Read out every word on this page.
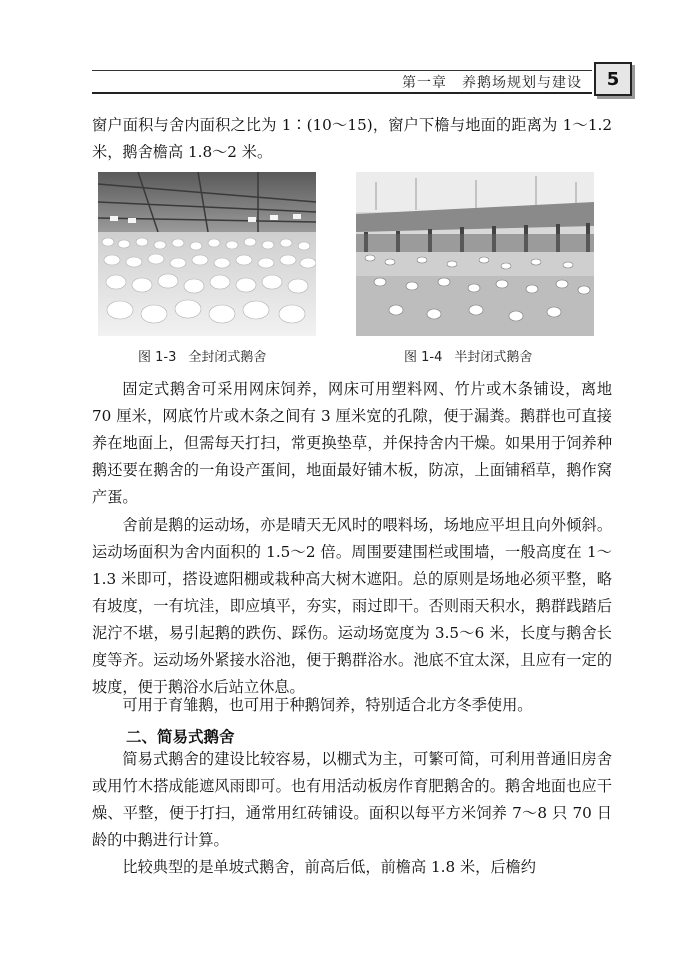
第一章　养鹅场规划与建设	5

窗户面积与舍内面积之比为 1∶(10～15)，窗户下檐与地面的距离为 1～1.2 米，鹅舍檐高 1.8～2 米。

图 1-3 全封闭式鹅舍	图 1-4 半封闭式鹅舍

固定式鹅舍可采用网床饲养，网床可用塑料网、竹片或木条铺设，离地 70 厘米，网底竹片或木条之间有 3 厘米宽的孔隙，便于漏粪。鹅群也可直接养在地面上，但需每天打扫，常更换垫草，并保持舍内干燥。如果用于饲养种鹅还要在鹅舍的一角设产蛋间，地面最好铺木板，防凉，上面铺稻草，鹅作窝产蛋。

舍前是鹅的运动场，亦是晴天无风时的喂料场，场地应平坦且向外倾斜。运动场面积为舍内面积的 1.5～2 倍。周围要建围栏或围墙，一般高度在 1～1.3 米即可，搭设遮阳棚或栽种高大树木遮阳。总的原则是场地必须平整，略有坡度，一有坑洼，即应填平，夯实，雨过即干。否则雨天积水，鹅群践踏后泥泞不堪，易引起鹅的跌伤、踩伤。运动场宽度为 3.5～6 米，长度与鹅舍长度等齐。运动场外紧接水浴池，便于鹅群浴水。池底不宜太深，且应有一定的坡度，便于鹅浴水后站立休息。

可用于育雏鹅，也可用于种鹅饲养，特别适合北方冬季使用。

二、简易式鹅舍

简易式鹅舍的建设比较容易，以棚式为主，可繁可简，可利用普通旧房舍或用竹木搭成能遮风雨即可。也有用活动板房作育肥鹅舍的。鹅舍地面也应干燥、平整，便于打扫，通常用红砖铺设。面积以每平方米饲养 7～8 只 70 日龄的中鹅进行计算。

比较典型的是单坡式鹅舍，前高后低，前檐高 1.8 米，后檐约
